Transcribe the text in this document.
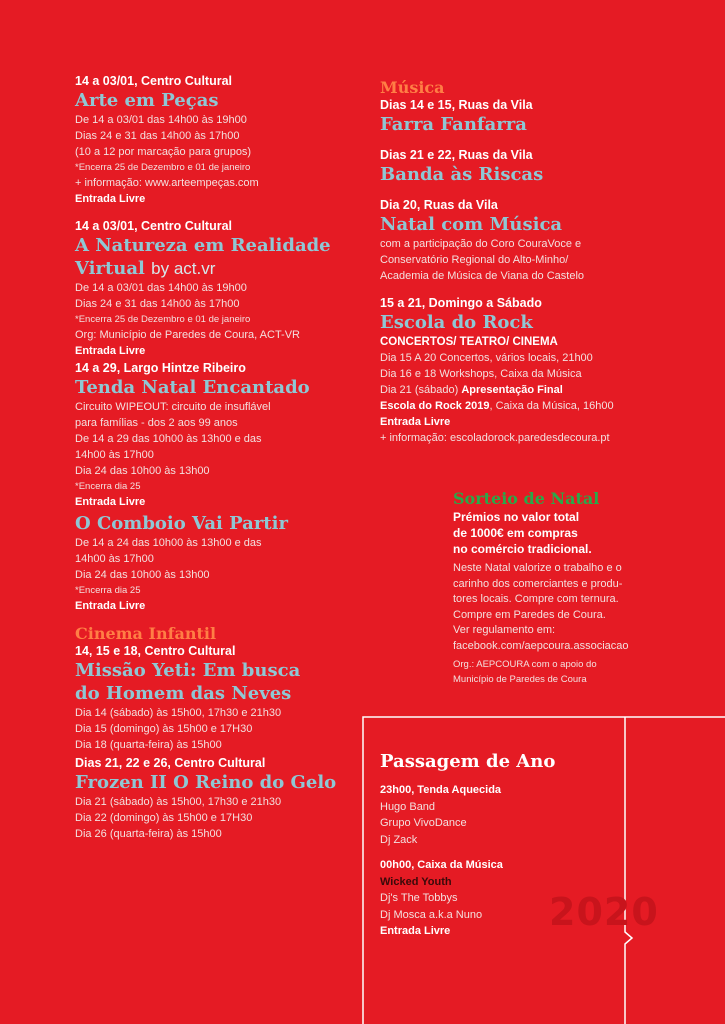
14 a 03/01, Centro Cultural
Arte em Peças
De 14 a 03/01 das 14h00 às 19h00
Dias 24 e 31 das 14h00 às 17h00
(10 a 12 por marcação para grupos)
*Encerra 25 de Dezembro e 01 de janeiro
+ informação: www.arteempeças.com
Entrada Livre
14 a 03/01, Centro Cultural
A Natureza em Realidade Virtual by act.vr
De 14 a 03/01 das 14h00 às 19h00
Dias 24 e 31 das 14h00 às 17h00
*Encerra 25 de Dezembro e 01 de janeiro
Org: Município de Paredes de Coura, ACT-VR
Entrada Livre
14 a 29, Largo Hintze Ribeiro
Tenda Natal Encantado
Circuito WIPEOUT: circuito de insuflável
para famílias - dos 2 aos 99 anos
De 14 a 29 das 10h00 às 13h00 e das
14h00 às 17h00
Dia 24 das 10h00 às 13h00
*Encerra dia 25
Entrada Livre
O Comboio Vai Partir
De 14 a 24 das 10h00 às 13h00 e das
14h00 às 17h00
Dia 24 das 10h00 às 13h00
*Encerra dia 25
Entrada Livre
Cinema Infantil
14, 15 e 18, Centro Cultural
Missão Yeti: Em busca
do Homem das Neves
Dia 14 (sábado) às 15h00, 17h30 e 21h30
Dia 15 (domingo) às 15h00 e 17H30
Dia 18 (quarta-feira) às 15h00
Dias 21, 22 e 26, Centro Cultural
Frozen II O Reino do Gelo
Dia 21 (sábado) às 15h00, 17h30 e 21h30
Dia 22 (domingo) às 15h00 e 17H30
Dia 26 (quarta-feira) às 15h00
Música
Dias 14 e 15, Ruas da Vila
Farra Fanfarra
Dias 21 e 22, Ruas da Vila
Banda às Riscas
Dia 20, Ruas da Vila
Natal com Música
com a participação do Coro CouraVoce e
Conservatório Regional do Alto-Minho/
Academia de Música de Viana do Castelo
15 a 21, Domingo a Sábado
Escola do Rock
CONCERTOS/ TEATRO/ CINEMA
Dia 15 A 20 Concertos, vários locais, 21h00
Dia 16 e 18 Workshops, Caixa da Música
Dia 21 (sábado) Apresentação Final
Escola do Rock 2019, Caixa da Música, 16h00
Entrada Livre
+ informação: escoladorock.paredesdecoura.pt
Sorteio de Natal
Prémios no valor total
de 1000€ em compras
no comércio tradicional.
Neste Natal valorize o trabalho e o
carinho dos comerciantes e produ-
tores locais. Compre com ternura.
Compre em Paredes de Coura.
Ver regulamento em:
facebook.com/aepcoura.associacao
Org.: AEPCOURA com o apoio do
Município de Paredes de Coura
Passagem de Ano
23h00, Tenda Aquecida
Hugo Band
Grupo VivoDance
Dj Zack
00h00, Caixa da Música
Wicked Youth
Dj's The Tobbys
Dj Mosca a.k.a Nuno
Entrada Livre	2020
